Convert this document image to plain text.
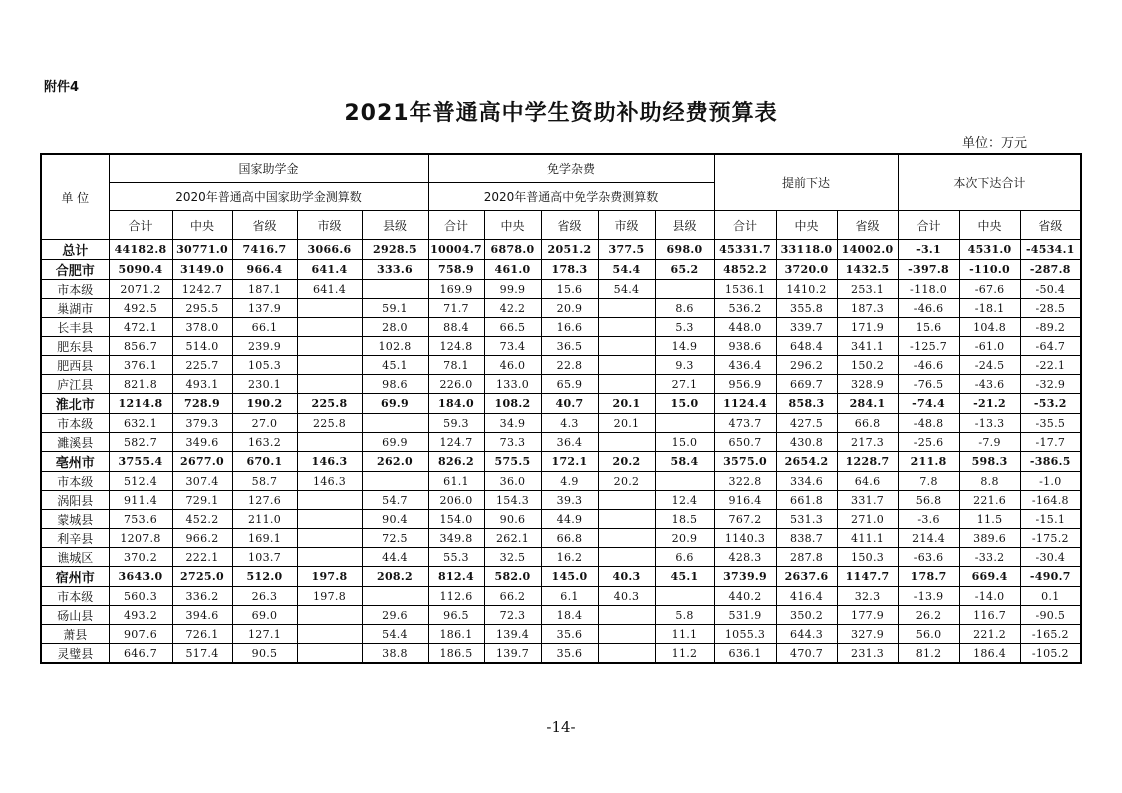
附件4
2021年普通高中学生资助补助经费预算表
单位：万元
单 位	国家助学金					免学杂费					提前下达			本次下达合计		
	2020年普通高中国家助学金测算数					2020年普通高中免学杂费测算数										
	合计	中央	省级	市级	县级	合计	中央	省级	市级	县级	合计	中央	省级	合计	中央	省级
总计	44182.8	30771.0	7416.7	3066.6	2928.5	10004.7	6878.0	2051.2	377.5	698.0	45331.7	33118.0	14002.0	-3.1	4531.0	-4534.1
合肥市	5090.4	3149.0	966.4	641.4	333.6	758.9	461.0	178.3	54.4	65.2	4852.2	3720.0	1432.5	-397.8	-110.0	-287.8
市本级	2071.2	1242.7	187.1	641.4		169.9	99.9	15.6	54.4		1536.1	1410.2	253.1	-118.0	-67.6	-50.4
巢湖市	492.5	295.5	137.9		59.1	71.7	42.2	20.9		8.6	536.2	355.8	187.3	-46.6	-18.1	-28.5
长丰县	472.1	378.0	66.1		28.0	88.4	66.5	16.6		5.3	448.0	339.7	171.9	15.6	104.8	-89.2
肥东县	856.7	514.0	239.9		102.8	124.8	73.4	36.5		14.9	938.6	648.4	341.1	-125.7	-61.0	-64.7
肥西县	376.1	225.7	105.3		45.1	78.1	46.0	22.8		9.3	436.4	296.2	150.2	-46.6	-24.5	-22.1
庐江县	821.8	493.1	230.1		98.6	226.0	133.0	65.9		27.1	956.9	669.7	328.9	-76.5	-43.6	-32.9
淮北市	1214.8	728.9	190.2	225.8	69.9	184.0	108.2	40.7	20.1	15.0	1124.4	858.3	284.1	-74.4	-21.2	-53.2
市本级	632.1	379.3	27.0	225.8		59.3	34.9	4.3	20.1		473.7	427.5	66.8	-48.8	-13.3	-35.5
濉溪县	582.7	349.6	163.2		69.9	124.7	73.3	36.4		15.0	650.7	430.8	217.3	-25.6	-7.9	-17.7
亳州市	3755.4	2677.0	670.1	146.3	262.0	826.2	575.5	172.1	20.2	58.4	3575.0	2654.2	1228.7	211.8	598.3	-386.5
市本级	512.4	307.4	58.7	146.3		61.1	36.0	4.9	20.2		322.8	334.6	64.6	7.8	8.8	-1.0
涡阳县	911.4	729.1	127.6		54.7	206.0	154.3	39.3		12.4	916.4	661.8	331.7	56.8	221.6	-164.8
蒙城县	753.6	452.2	211.0		90.4	154.0	90.6	44.9		18.5	767.2	531.3	271.0	-3.6	11.5	-15.1
利辛县	1207.8	966.2	169.1		72.5	349.8	262.1	66.8		20.9	1140.3	838.7	411.1	214.4	389.6	-175.2
谯城区	370.2	222.1	103.7		44.4	55.3	32.5	16.2		6.6	428.3	287.8	150.3	-63.6	-33.2	-30.4
宿州市	3643.0	2725.0	512.0	197.8	208.2	812.4	582.0	145.0	40.3	45.1	3739.9	2637.6	1147.7	178.7	669.4	-490.7
市本级	560.3	336.2	26.3	197.8		112.6	66.2	6.1	40.3		440.2	416.4	32.3	-13.9	-14.0	0.1
砀山县	493.2	394.6	69.0		29.6	96.5	72.3	18.4		5.8	531.9	350.2	177.9	26.2	116.7	-90.5
萧县	907.6	726.1	127.1		54.4	186.1	139.4	35.6		11.1	1055.3	644.3	327.9	56.0	221.2	-165.2
灵璧县	646.7	517.4	90.5		38.8	186.5	139.7	35.6		11.2	636.1	470.7	231.3	81.2	186.4	-105.2
-14-
